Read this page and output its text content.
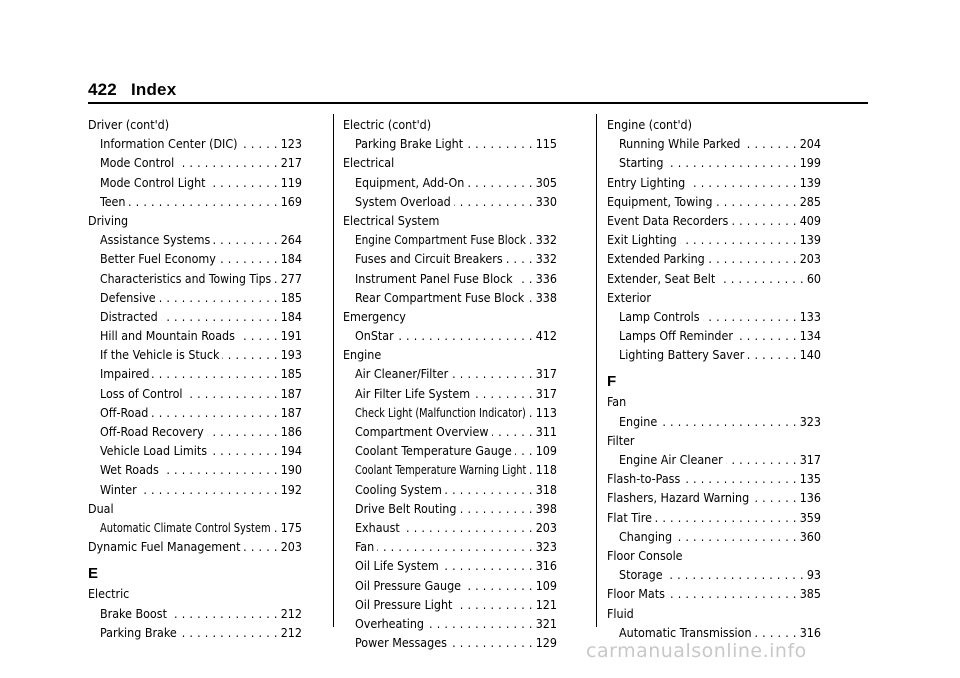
422 Index
Driver (cont'd)
Information Center (DIC) . . .	123
Mode Control . . .	217
Mode Control Light . . .	119
Teen . . .	169
Driving
Assistance Systems . . .	264
Better Fuel Economy . . .	184
Characteristics and Towing Tips . . . 277
Defensive . . .	185
Distracted . . .	184
Hill and Mountain Roads . . .	191
If the Vehicle is Stuck . . .	193
Impaired . . .	185
Loss of Control . . .	187
Off-Road . . .	187
Off-Road Recovery . . .	186
Vehicle Load Limits . . .	194
Wet Roads . . .	190
Winter . . .	192
Dual
Automatic Climate Control System . . . 175
Dynamic Fuel Management . . .	203
E
Electric
Brake Boost . . .	212
Parking Brake . . .	212
Electric (cont'd)
Parking Brake Light . . .	115
Electrical
Equipment, Add-On . . .	305
System Overload . . .	330
Electrical System
Engine Compartment Fuse Block . . . 332
Fuses and Circuit Breakers . . .	332
Instrument Panel Fuse Block . . . 336
Rear Compartment Fuse Block . . . 338
Emergency
OnStar . . .	412
Engine
Air Cleaner/Filter . . .	317
Air Filter Life System . . .	317
Check Light (Malfunction Indicator) . . . 113
Compartment Overview . . .	311
Coolant Temperature Gauge . . . 109
Coolant Temperature Warning Light . . . 118
Cooling System . . .	318
Drive Belt Routing . . .	398
Exhaust . . .	203
Fan . . .	323
Oil Life System . . .	316
Oil Pressure Gauge . . .	109
Oil Pressure Light . . .	121
Overheating . . .	321
Power Messages . . .	129
Engine (cont'd)
Running While Parked . . .	204
Starting . . .	199
Entry Lighting . . .	139
Equipment, Towing . . .	285
Event Data Recorders . . .	409
Exit Lighting . . .	139
Extended Parking . . .	203
Extender, Seat Belt . . .	60
Exterior
Lamp Controls . . .	133
Lamps Off Reminder . . .	134
Lighting Battery Saver . . .	140
F
Fan
Engine . . .	323
Filter
Engine Air Cleaner . . .	317
Flash-to-Pass . . .	135
Flashers, Hazard Warning . . .	136
Flat Tire . . .	359
Changing . . .	360
Floor Console
Storage . . .	93
Floor Mats . . .	385
Fluid
Automatic Transmission . . .	316
carmanualsonline.info
